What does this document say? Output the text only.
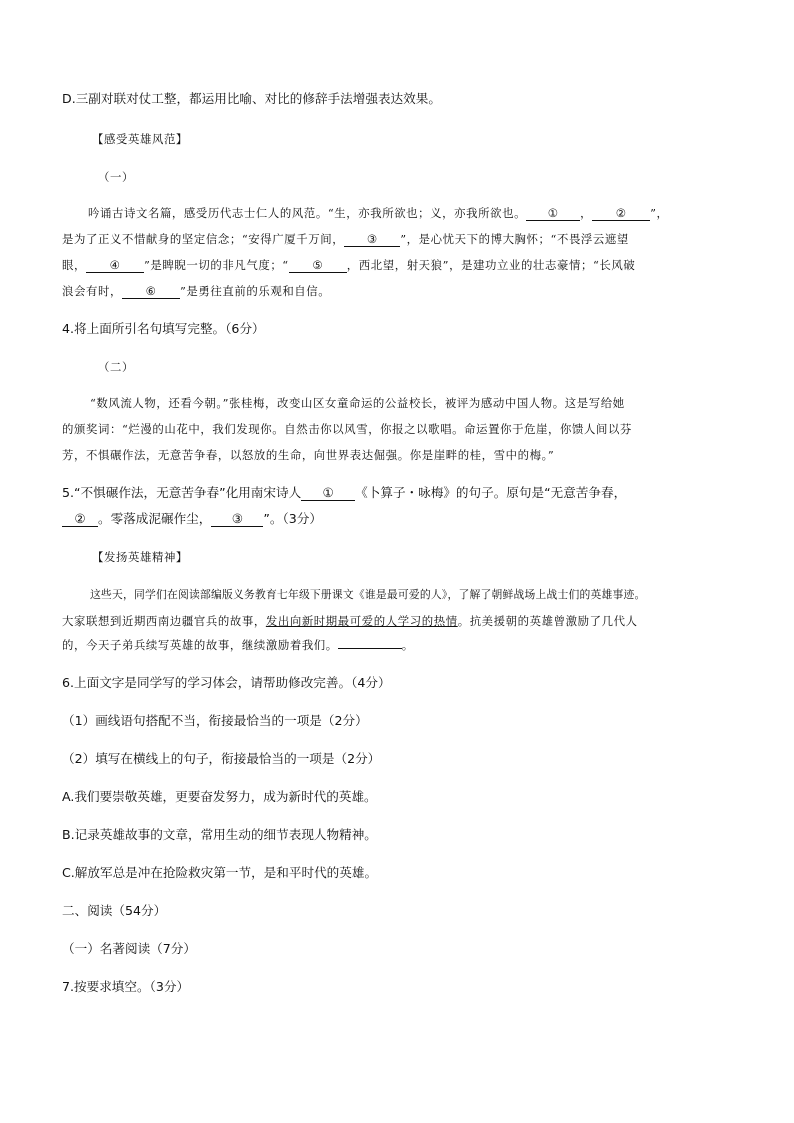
D.三副对联对仗工整，都运用比喻、对比的修辞手法增强表达效果。
【感受英雄风范】
（一）
吟诵古诗文名篇，感受历代志士仁人的风范。“生，亦我所欲也；义，亦我所欲也。 ① ， ② ”，
是为了正义不惜献身的坚定信念；“安得广厦千万间， ③ ”，是心忧天下的博大胸怀；“不畏浮云遮望
眼， ④ ”是睥睨一切的非凡气度；“ ⑤ ，西北望，射天狼”，是建功立业的壮志豪情；“长风破
浪会有时， ⑥ ”是勇往直前的乐观和自信。
4.将上面所引名句填写完整。（6分）
（二）
“数风流人物，还看今朝。”张桂梅，改变山区女童命运的公益校长，被评为感动中国人物。这是写给她
的颁奖词：“烂漫的山花中，我们发现你。自然击你以风雪，你报之以歌唱。命运置你于危崖，你馈人间以芬
芳，不惧碾作法，无意苦争春，以怒放的生命，向世界表达倔强。你是崖畔的桂，雪中的梅。”
5.“不惧碾作法，无意苦争春”化用南宋诗人 ① 《卜算子・咏梅》的句子。原句是“无意苦争春，
② 。零落成泥碾作尘， ③ ”。（3分）
【发扬英雄精神】
这些天，同学们在阅读部编版义务教育七年级下册课文《谁是最可爱的人》，了解了朝鲜战场上战士们的英雄事迹。
大家联想到近期西南边疆官兵的故事，发出向新时期最可爱的人学习的热情。抗美援朝的英雄曾激励了几代人
的，今天子弟兵续写英雄的故事，继续激励着我们。	。
6.上面文字是同学写的学习体会，请帮助修改完善。（4分）
（1）画线语句搭配不当，衔接最恰当的一项是（2分）
（2）填写在横线上的句子，衔接最恰当的一项是（2分）
A.我们要崇敬英雄，更要奋发努力，成为新时代的英雄。
B.记录英雄故事的文章，常用生动的细节表现人物精神。
C.解放军总是冲在抢险救灾第一节，是和平时代的英雄。
二、阅读（54分）
（一）名著阅读（7分）
7.按要求填空。（3分）
